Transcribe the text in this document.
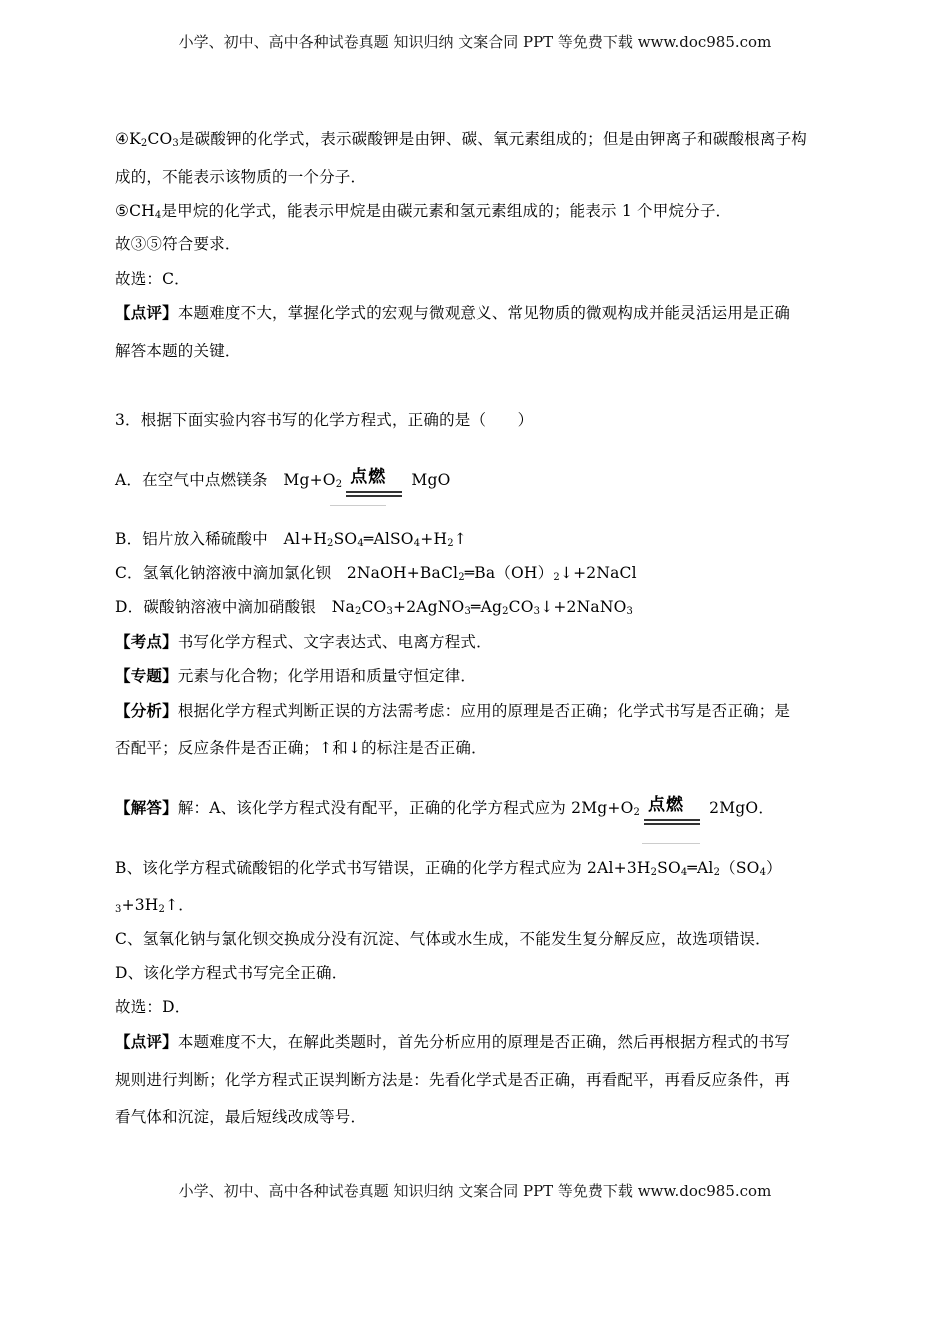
小学、初中、高中各种试卷真题 知识归纳 文案合同 PPT 等免费下载 www.doc985.com
$④K_2CO_3$是碳酸钾的化学式，表示碳酸钾是由钾、碳、氧元素组成的；但是由钾离子和碳酸根离子构
成的，不能表示该物质的一个分子．
$⑤CH_4$是甲烷的化学式，能表示甲烷是由碳元素和氢元素组成的；能表示 1 个甲烷分子．
故③⑤符合要求．
故选：C．
【点评】本题难度不大，掌握化学式的宏观与微观意义、常见物质的微观构成并能灵活运用是正确
解答本题的关键．
3．根据下面实验内容书写的化学方程式，正确的是（　　）
A．在空气中点燃镁条　$Mg+O_2$ 点燃 MgO
B．铝片放入稀硫酸中　$Al+H_2SO_4═AlSO_4+H_2↑$
C．氢氧化钠溶液中滴加氯化钡　$2NaOH+BaCl_2═Ba(OH)_2↓+2NaCl$
D．碳酸钠溶液中滴加硝酸银　$Na_2CO_3+2AgNO_3═Ag_2CO_3↓+2NaNO_3$
【考点】书写化学方程式、文字表达式、电离方程式．
【专题】元素与化合物；化学用语和质量守恒定律．
【分析】根据化学方程式判断正误的方法需考虑：应用的原理是否正确；化学式书写是否正确；是
否配平；反应条件是否正确；↑和↓的标注是否正确．
【解答】解：A、该化学方程式没有配平，正确的化学方程式应为 $2Mg+O_2$ 点燃 2MgO．
B、该化学方程式硫酸铝的化学式书写错误，正确的化学方程式应为 $2Al+3H_2SO_4═Al_2(SO_4)$
$_3+3H_2↑$．
C、氢氧化钠与氯化钡交换成分没有沉淀、气体或水生成，不能发生复分解反应，故选项错误．
D、该化学方程式书写完全正确．
故选：D．
【点评】本题难度不大，在解此类题时，首先分析应用的原理是否正确，然后再根据方程式的书写
规则进行判断；化学方程式正误判断方法是：先看化学式是否正确，再看配平，再看反应条件，再
看气体和沉淀，最后短线改成等号．
小学、初中、高中各种试卷真题 知识归纳 文案合同 PPT 等免费下载 www.doc985.com
